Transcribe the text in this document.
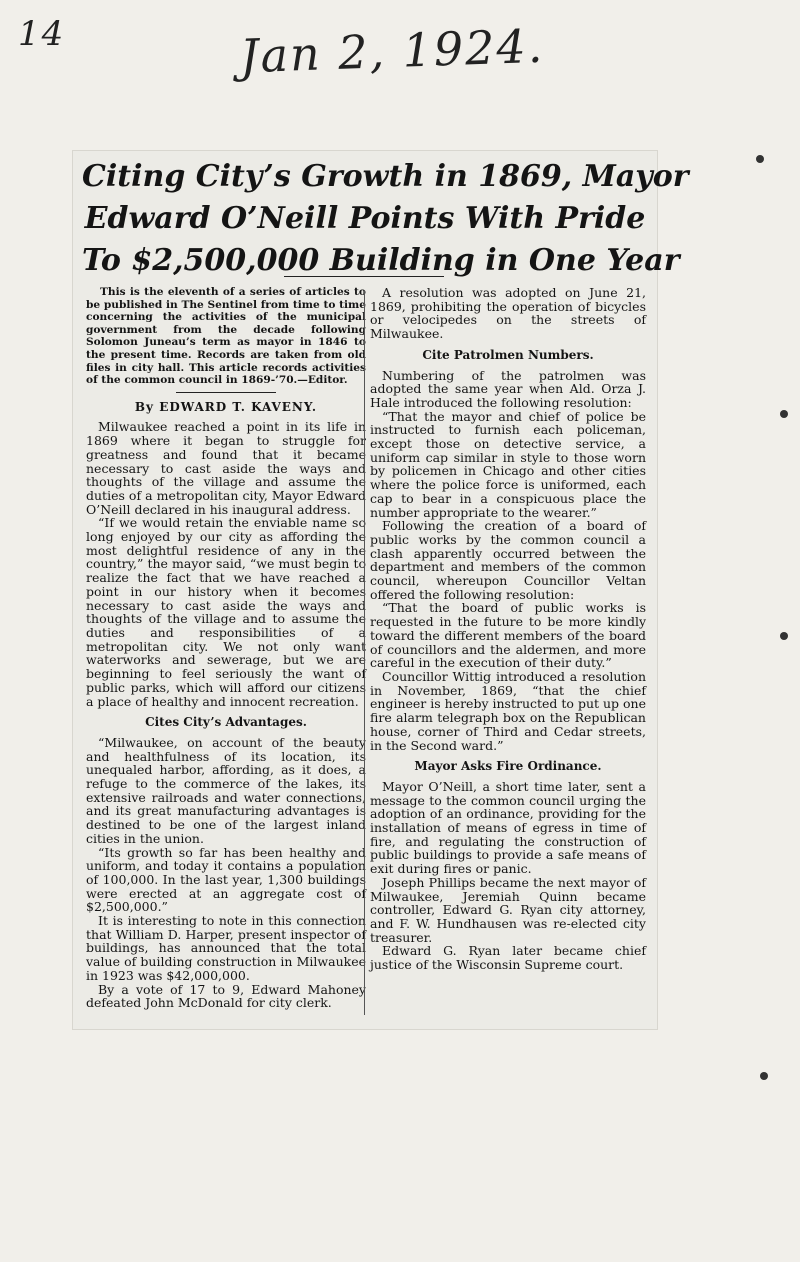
14	Jan 2, 1924.
Citing City’s Growth in 1869, Mayor
Edward O’Neill Points With Pride
To $2,500,000 Building in One Year

This is the eleventh of a series of articles to be published in The Sentinel from time to time concerning the activities of the municipal government from the decade following Solomon Juneau’s term as mayor in 1846 to the present time. Records are taken from old files in city hall. This article records activities of the common council in 1869-’70.—Editor.

By EDWARD T. KAVENY.

Milwaukee reached a point in its life in 1869 where it began to struggle for greatness and found that it became necessary to cast aside the ways and thoughts of the village and assume the duties of a metropolitan city, Mayor Edward O’Neill declared in his inaugural address.

“If we would retain the enviable name so long enjoyed by our city as affording the most delightful residence of any in the country,” the mayor said, “we must begin to realize the fact that we have reached a point in our history when it becomes necessary to cast aside the ways and thoughts of the village and to assume the duties and responsibilities of a metropolitan city. We not only want waterworks and sewerage, but we are beginning to feel seriously the want of public parks, which will afford our citizens a place of healthy and innocent recreation.

Cites City’s Advantages.

“Milwaukee, on account of the beauty and healthfulness of its location, its unequaled harbor, affording, as it does, a refuge to the commerce of the lakes, its extensive railroads and water connections, and its great manufacturing advantages is destined to be one of the largest inland cities in the union.

“Its growth so far has been healthy and uniform, and today it contains a population of 100,000. In the last year, 1,300 buildings were erected at an aggregate cost of $2,500,000.”

It is interesting to note in this connection that William D. Harper, present inspector of buildings, has announced that the total value of building construction in Milwaukee in 1923 was $42,000,000.

By a vote of 17 to 9, Edward Mahoney defeated John McDonald for city clerk.

A resolution was adopted on June 21, 1869, prohibiting the operation of bicycles or velocipedes on the streets of Milwaukee.

Cite Patrolmen Numbers.

Numbering of the patrolmen was adopted the same year when Ald. Orza J. Hale introduced the following resolution:

“That the mayor and chief of police be instructed to furnish each policeman, except those on detective service, a uniform cap similar in style to those worn by policemen in Chicago and other cities where the police force is uniformed, each cap to bear in a conspicuous place the number appropriate to the wearer.”

Following the creation of a board of public works by the common council a clash apparently occurred between the department and members of the common council, whereupon Councillor Veltan offered the following resolution:

“That the board of public works is requested in the future to be more kindly toward the different members of the board of councillors and the aldermen, and more careful in the execution of their duty.”

Councillor Wittig introduced a resolution in November, 1869, “that the chief engineer is hereby instructed to put up one fire alarm telegraph box on the Republican house, corner of Third and Cedar streets, in the Second ward.”

Mayor Asks Fire Ordinance.

Mayor O’Neill, a short time later, sent a message to the common council urging the adoption of an ordinance, providing for the installation of means of egress in time of fire, and regulating the construction of public buildings to provide a safe means of exit during fires or panic.

Joseph Phillips became the next mayor of Milwaukee, Jeremiah Quinn became controller, Edward G. Ryan city attorney, and F. W. Hundhausen was re-elected city treasurer.

Edward G. Ryan later became chief justice of the Wisconsin Supreme court.
